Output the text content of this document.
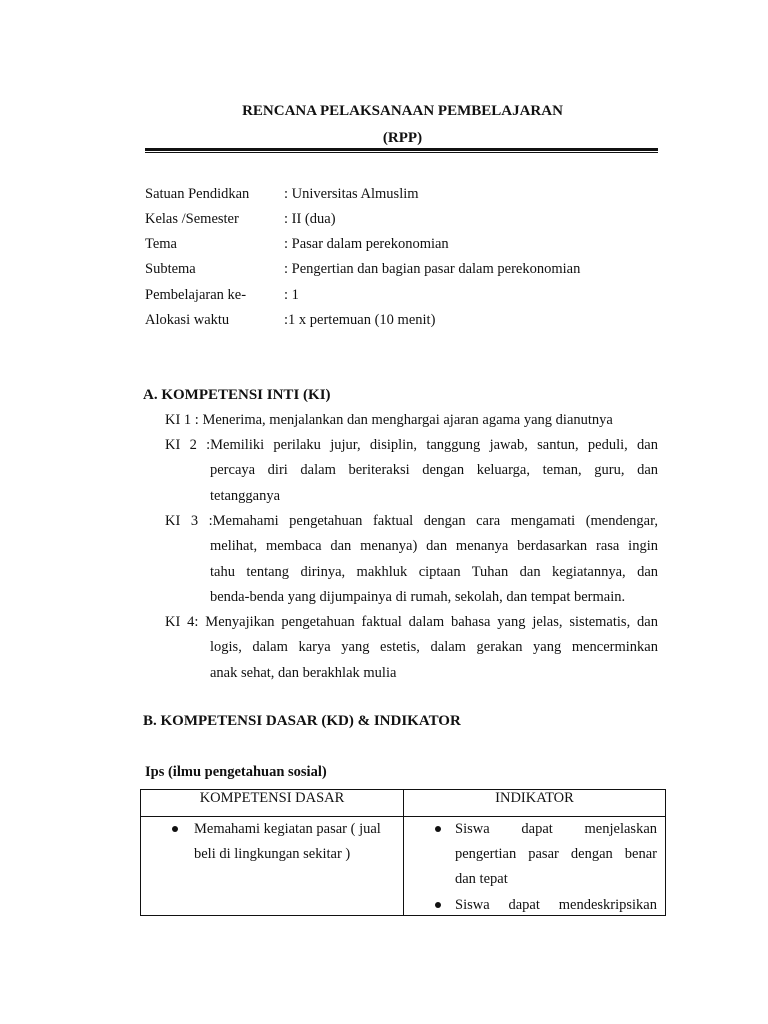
RENCANA PELAKSANAAN PEMBELAJARAN
(RPP)
Satuan Pendidkan : Universitas Almuslim
Kelas /Semester	: II (dua)
Tema	: Pasar dalam perekonomian
Subtema	: Pengertian dan bagian pasar dalam perekonomian
Pembelajaran ke-	: 1
Alokasi waktu	:1 x pertemuan (10 menit)
A. KOMPETENSI INTI (KI)
KI 1 : Menerima, menjalankan dan menghargai ajaran agama yang dianutnya
KI 2 :Memiliki perilaku jujur, disiplin, tanggung jawab, santun, peduli, dan
percaya diri dalam beriteraksi dengan keluarga, teman, guru, dan
tetangganya
KI 3 :Memahami pengetahuan faktual dengan cara mengamati (mendengar,
melihat, membaca dan menanya) dan menanya berdasarkan rasa ingin
tahu tentang dirinya, makhluk ciptaan Tuhan dan kegiatannya, dan
benda-benda yang dijumpainya di rumah, sekolah, dan tempat bermain.
KI 4: Menyajikan pengetahuan faktual dalam bahasa yang jelas, sistematis, dan
logis, dalam karya yang estetis, dalam gerakan yang mencerminkan
anak sehat, dan berakhlak mulia
B. KOMPETENSI DASAR (KD) & INDIKATOR
Ips (ilmu pengetahuan sosial)
KOMPETENSI DASAR	INDIKATOR

Memahami kegiatan pasar ( jual
beli di lingkungan sekitar )	Siswa dapat menjelaskan
pengertian pasar dengan benar
dan tepat
Siswa dapat mendeskripsikan
